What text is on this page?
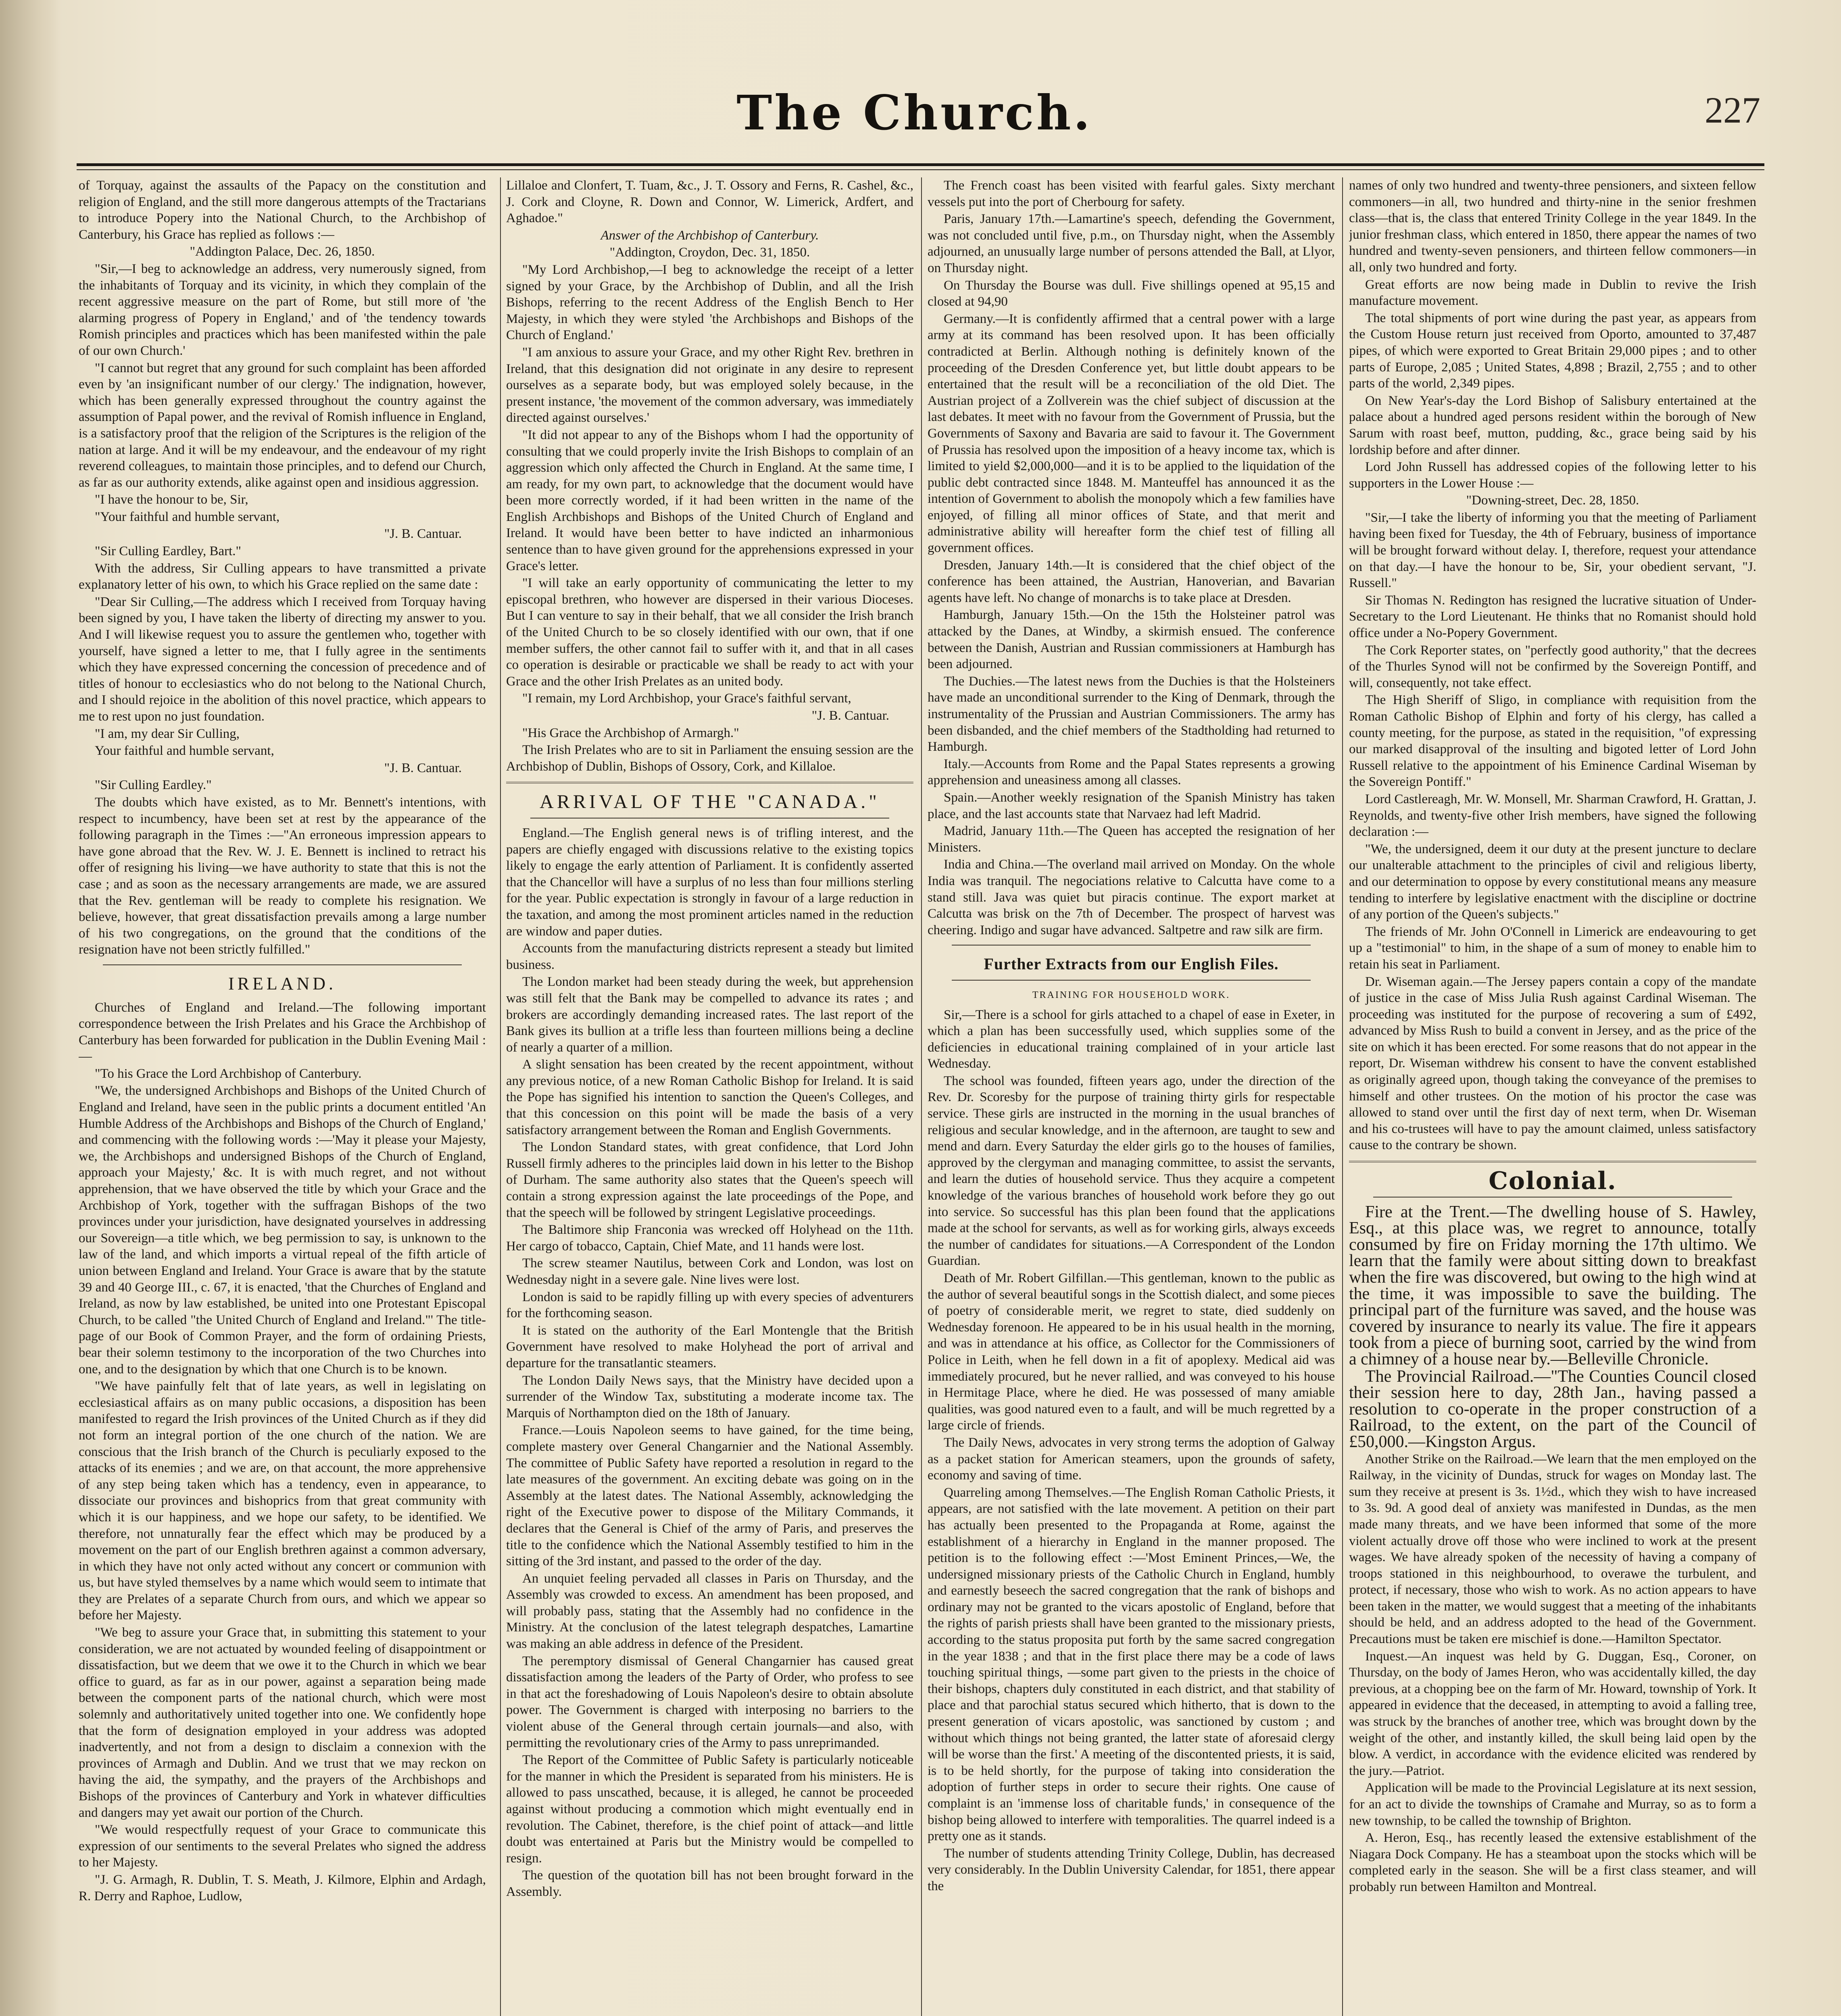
The Church.	227

of Torquay, against the assaults of the Papacy on the constitution and religion of England, and the still more dangerous attempts of the Tractarians to introduce Popery into the National Church, to the Archbishop of Canterbury, his Grace has replied as follows :—

"Addington Palace, Dec. 26, 1850.

"Sir,—I beg to acknowledge an address, very numerously signed, from the inhabitants of Torquay and its vicinity, in which they complain of the recent aggressive measure on the part of Rome, but still more of 'the alarming progress of Popery in England,' and of 'the tendency towards Romish principles and practices which has been manifested within the pale of our own Church.'

"I cannot but regret that any ground for such complaint has been afforded even by 'an insignificant number of our clergy.' The indignation, however, which has been generally expressed throughout the country against the assumption of Papal power, and the revival of Romish influence in England, is a satisfactory proof that the religion of the Scriptures is the religion of the nation at large. And it will be my endeavour, and the endeavour of my right reverend colleagues, to maintain those principles, and to defend our Church, as far as our authority extends, alike against open and insidious aggression.

"I have the honour to be, Sir,

"Your faithful and humble servant,

"J. B. Cantuar.

"Sir Culling Eardley, Bart."

With the address, Sir Culling appears to have transmitted a private explanatory letter of his own, to which his Grace replied on the same date :

"Dear Sir Culling,—The address which I received from Torquay having been signed by you, I have taken the liberty of directing my answer to you. And I will likewise request you to assure the gentlemen who, together with yourself, have signed a letter to me, that I fully agree in the sentiments which they have expressed concerning the concession of precedence and of titles of honour to ecclesiastics who do not belong to the National Church, and I should rejoice in the abolition of this novel practice, which appears to me to rest upon no just foundation.

"I am, my dear Sir Culling,

Your faithful and humble servant,

"J. B. Cantuar.

"Sir Culling Eardley."

The doubts which have existed, as to Mr. Bennett's intentions, with respect to incumbency, have been set at rest by the appearance of the following paragraph in the Times :—"An erroneous impression appears to have gone abroad that the Rev. W. J. E. Bennett is inclined to retract his offer of resigning his living—we have authority to state that this is not the case ; and as soon as the necessary arrangements are made, we are assured that the Rev. gentleman will be ready to complete his resignation. We believe, however, that great dissatisfaction prevails among a large number of his two congregations, on the ground that the conditions of the resignation have not been strictly fulfilled."

IRELAND.

Churches of England and Ireland.—The following important correspondence between the Irish Prelates and his Grace the Archbishop of Canterbury has been forwarded for publication in the Dublin Evening Mail :—

"To his Grace the Lord Archbishop of Canterbury.

"We, the undersigned Archbishops and Bishops of the United Church of England and Ireland, have seen in the public prints a document entitled 'An Humble Address of the Archbishops and Bishops of the Church of England,' and commencing with the following words :—'May it please your Majesty, we, the Archbishops and undersigned Bishops of the Church of England, approach your Majesty,' &c. It is with much regret, and not without apprehension, that we have observed the title by which your Grace and the Archbishop of York, together with the suffragan Bishops of the two provinces under your jurisdiction, have designated yourselves in addressing our Sovereign—a title which, we beg permission to say, is unknown to the law of the land, and which imports a virtual repeal of the fifth article of union between England and Ireland. Your Grace is aware that by the statute 39 and 40 George III., c. 67, it is enacted, 'that the Churches of England and Ireland, as now by law established, be united into one Protestant Episcopal Church, to be called "the United Church of England and Ireland."' The title-page of our Book of Common Prayer, and the form of ordaining Priests, bear their solemn testimony to the incorporation of the two Churches into one, and to the designation by which that one Church is to be known.

"We have painfully felt that of late years, as well in legislating on ecclesiastical affairs as on many public occasions, a disposition has been manifested to regard the Irish provinces of the United Church as if they did not form an integral portion of the one church of the nation. We are conscious that the Irish branch of the Church is peculiarly exposed to the attacks of its enemies ; and we are, on that account, the more apprehensive of any step being taken which has a tendency, even in appearance, to dissociate our provinces and bishoprics from that great community with which it is our happiness, and we hope our safety, to be identified. We therefore, not unnaturally fear the effect which may be produced by a movement on the part of our English brethren against a common adversary, in which they have not only acted without any concert or communion with us, but have styled themselves by a name which would seem to intimate that they are Prelates of a separate Church from ours, and which we appear so before her Majesty.

"We beg to assure your Grace that, in submitting this statement to your consideration, we are not actuated by wounded feeling of disappointment or dissatisfaction, but we deem that we owe it to the Church in which we bear office to guard, as far as in our power, against a separation being made between the component parts of the national church, which were most solemnly and authoritatively united together into one. We confidently hope that the form of designation employed in your address was adopted inadvertently, and not from a design to disclaim a connexion with the provinces of Armagh and Dublin. And we trust that we may reckon on having the aid, the sympathy, and the prayers of the Archbishops and Bishops of the provinces of Canterbury and York in whatever difficulties and dangers may yet await our portion of the Church.

"We would respectfully request of your Grace to communicate this expression of our sentiments to the several Prelates who signed the address to her Majesty.

"J. G. Armagh, R. Dublin, T. S. Meath, J. Kilmore, Elphin and Ardagh, R. Derry and Raphoe, Ludlow,

Lillaloe and Clonfert, T. Tuam, &c., J. T. Ossory and Ferns, R. Cashel, &c., J. Cork and Cloyne, R. Down and Connor, W. Limerick, Ardfert, and Aghadoe."

Answer of the Archbishop of Canterbury.

"Addington, Croydon, Dec. 31, 1850.

"My Lord Archbishop,—I beg to acknowledge the receipt of a letter signed by your Grace, by the Archbishop of Dublin, and all the Irish Bishops, referring to the recent Address of the English Bench to Her Majesty, in which they were styled 'the Archbishops and Bishops of the Church of England.'

"I am anxious to assure your Grace, and my other Right Rev. brethren in Ireland, that this designation did not originate in any desire to represent ourselves as a separate body, but was employed solely because, in the present instance, 'the movement of the common adversary, was immediately directed against ourselves.'

"It did not appear to any of the Bishops whom I had the opportunity of consulting that we could properly invite the Irish Bishops to complain of an aggression which only affected the Church in England. At the same time, I am ready, for my own part, to acknowledge that the document would have been more correctly worded, if it had been written in the name of the English Archbishops and Bishops of the United Church of England and Ireland. It would have been better to have indicted an inharmonious sentence than to have given ground for the apprehensions expressed in your Grace's letter.

"I will take an early opportunity of communicating the letter to my episcopal brethren, who however are dispersed in their various Dioceses. But I can venture to say in their behalf, that we all consider the Irish branch of the United Church to be so closely identified with our own, that if one member suffers, the other cannot fail to suffer with it, and that in all cases co operation is desirable or practicable we shall be ready to act with your Grace and the other Irish Prelates as an united body.

"I remain, my Lord Archbishop, your Grace's faithful servant,

"J. B. Cantuar.

"His Grace the Archbishop of Armargh."

The Irish Prelates who are to sit in Parliament the ensuing session are the Archbishop of Dublin, Bishops of Ossory, Cork, and Killaloe.

ARRIVAL OF THE "CANADA."

England.—The English general news is of trifling interest, and the papers are chiefly engaged with discussions relative to the existing topics likely to engage the early attention of Parliament. It is confidently asserted that the Chancellor will have a surplus of no less than four millions sterling for the year. Public expectation is strongly in favour of a large reduction in the taxation, and among the most prominent articles named in the reduction are window and paper duties.

Accounts from the manufacturing districts represent a steady but limited business.

The London market had been steady during the week, but apprehension was still felt that the Bank may be compelled to advance its rates ; and brokers are accordingly demanding increased rates. The last report of the Bank gives its bullion at a trifle less than fourteen millions being a decline of nearly a quarter of a million.

A slight sensation has been created by the recent appointment, without any previous notice, of a new Roman Catholic Bishop for Ireland. It is said the Pope has signified his intention to sanction the Queen's Colleges, and that this concession on this point will be made the basis of a very satisfactory arrangement between the Roman and English Governments.

The London Standard states, with great confidence, that Lord John Russell firmly adheres to the principles laid down in his letter to the Bishop of Durham. The same authority also states that the Queen's speech will contain a strong expression against the late proceedings of the Pope, and that the speech will be followed by stringent Legislative proceedings.

The Baltimore ship Franconia was wrecked off Holyhead on the 11th. Her cargo of tobacco, Captain, Chief Mate, and 11 hands were lost.

The screw steamer Nautilus, between Cork and London, was lost on Wednesday night in a severe gale. Nine lives were lost.

London is said to be rapidly filling up with every species of adventurers for the forthcoming season.

It is stated on the authority of the Earl Montengle that the British Government have resolved to make Holyhead the port of arrival and departure for the transatlantic steamers.

The London Daily News says, that the Ministry have decided upon a surrender of the Window Tax, substituting a moderate income tax. The Marquis of Northampton died on the 18th of January.

France.—Louis Napoleon seems to have gained, for the time being, complete mastery over General Changarnier and the National Assembly. The committee of Public Safety have reported a resolution in regard to the late measures of the government. An exciting debate was going on in the Assembly at the latest dates. The National Assembly, acknowledging the right of the Executive power to dispose of the Military Commands, it declares that the General is Chief of the army of Paris, and preserves the title to the confidence which the National Assembly testified to him in the sitting of the 3rd instant, and passed to the order of the day.

An unquiet feeling pervaded all classes in Paris on Thursday, and the Assembly was crowded to excess. An amendment has been proposed, and will probably pass, stating that the Assembly had no confidence in the Ministry. At the conclusion of the latest telegraph despatches, Lamartine was making an able address in defence of the President.

The peremptory dismissal of General Changarnier has caused great dissatisfaction among the leaders of the Party of Order, who profess to see in that act the foreshadowing of Louis Napoleon's desire to obtain absolute power. The Government is charged with interposing no barriers to the violent abuse of the General through certain journals—and also, with permitting the revolutionary cries of the Army to pass unreprimanded.

The Report of the Committee of Public Safety is particularly noticeable for the manner in which the President is separated from his ministers. He is allowed to pass unscathed, because, it is alleged, he cannot be proceeded against without producing a commotion which might eventually end in revolution. The Cabinet, therefore, is the chief point of attack—and little doubt was entertained at Paris but the Ministry would be compelled to resign.

The question of the quotation bill has not been brought forward in the Assembly.

The French coast has been visited with fearful gales. Sixty merchant vessels put into the port of Cherbourg for safety.

Paris, January 17th.—Lamartine's speech, defending the Government, was not concluded until five, p.m., on Thursday night, when the Assembly adjourned, an unusually large number of persons attended the Ball, at Llyor, on Thursday night.

On Thursday the Bourse was dull. Five shillings opened at 95,15 and closed at 94,90

Germany.—It is confidently affirmed that a central power with a large army at its command has been resolved upon. It has been officially contradicted at Berlin. Although nothing is definitely known of the proceeding of the Dresden Conference yet, but little doubt appears to be entertained that the result will be a reconciliation of the old Diet. The Austrian project of a Zollverein was the chief subject of discussion at the last debates. It meet with no favour from the Government of Prussia, but the Governments of Saxony and Bavaria are said to favour it. The Government of Prussia has resolved upon the imposition of a heavy income tax, which is limited to yield $2,000,000—and it is to be applied to the liquidation of the public debt contracted since 1848. M. Manteuffel has announced it as the intention of Government to abolish the monopoly which a few families have enjoyed, of filling all minor offices of State, and that merit and administrative ability will hereafter form the chief test of filling all government offices.

Dresden, January 14th.—It is considered that the chief object of the conference has been attained, the Austrian, Hanoverian, and Bavarian agents have left. No change of monarchs is to take place at Dresden.

Hamburgh, January 15th.—On the 15th the Holsteiner patrol was attacked by the Danes, at Windby, a skirmish ensued. The conference between the Danish, Austrian and Russian commissioners at Hamburgh has been adjourned.

The Duchies.—The latest news from the Duchies is that the Holsteiners have made an unconditional surrender to the King of Denmark, through the instrumentality of the Prussian and Austrian Commissioners. The army has been disbanded, and the chief members of the Stadtholding had returned to Hamburgh.

Italy.—Accounts from Rome and the Papal States represents a growing apprehension and uneasiness among all classes.

Spain.—Another weekly resignation of the Spanish Ministry has taken place, and the last accounts state that Narvaez had left Madrid.

Madrid, January 11th.—The Queen has accepted the resignation of her Ministers.

India and China.—The overland mail arrived on Monday. On the whole India was tranquil. The negociations relative to Calcutta have come to a stand still. Java was quiet but piracis continue. The export market at Calcutta was brisk on the 7th of December. The prospect of harvest was cheering. Indigo and sugar have advanced. Saltpetre and raw silk are firm.

Further Extracts from our English Files.
TRAINING FOR HOUSEHOLD WORK.

Sir,—There is a school for girls attached to a chapel of ease in Exeter, in which a plan has been successfully used, which supplies some of the deficiencies in educational training complained of in your article last Wednesday.

The school was founded, fifteen years ago, under the direction of the Rev. Dr. Scoresby for the purpose of training thirty girls for respectable service. These girls are instructed in the morning in the usual branches of religious and secular knowledge, and in the afternoon, are taught to sew and mend and darn. Every Saturday the elder girls go to the houses of families, approved by the clergyman and managing committee, to assist the servants, and learn the duties of household service. Thus they acquire a competent knowledge of the various branches of household work before they go out into service. So successful has this plan been found that the applications made at the school for servants, as well as for working girls, always exceeds the number of candidates for situations.—A Correspondent of the London Guardian.

Death of Mr. Robert Gilfillan.—This gentleman, known to the public as the author of several beautiful songs in the Scottish dialect, and some pieces of poetry of considerable merit, we regret to state, died suddenly on Wednesday forenoon. He appeared to be in his usual health in the morning, and was in attendance at his office, as Collector for the Commissioners of Police in Leith, when he fell down in a fit of apoplexy. Medical aid was immediately procured, but he never rallied, and was conveyed to his house in Hermitage Place, where he died. He was possessed of many amiable qualities, was good natured even to a fault, and will be much regretted by a large circle of friends.

The Daily News, advocates in very strong terms the adoption of Galway as a packet station for American steamers, upon the grounds of safety, economy and saving of time.

Quarreling among Themselves.—The English Roman Catholic Priests, it appears, are not satisfied with the late movement. A petition on their part has actually been presented to the Propaganda at Rome, against the establishment of a hierarchy in England in the manner proposed. The petition is to the following effect :—'Most Eminent Princes,—We, the undersigned missionary priests of the Catholic Church in England, humbly and earnestly beseech the sacred congregation that the rank of bishops and ordinary may not be granted to the vicars apostolic of England, before that the rights of parish priests shall have been granted to the missionary priests, according to the status proposita put forth by the same sacred congregation in the year 1838 ; and that in the first place there may be a code of laws touching spiritual things, —some part given to the priests in the choice of their bishops, chapters duly constituted in each district, and that stability of place and that parochial status secured which hitherto, that is down to the present generation of vicars apostolic, was sanctioned by custom ; and without which things not being granted, the latter state of aforesaid clergy will be worse than the first.' A meeting of the discontented priests, it is said, is to be held shortly, for the purpose of taking into consideration the adoption of further steps in order to secure their rights. One cause of complaint is an 'immense loss of charitable funds,' in consequence of the bishop being allowed to interfere with temporalities. The quarrel indeed is a pretty one as it stands.

The number of students attending Trinity College, Dublin, has decreased very considerably. In the Dublin University Calendar, for 1851, there appear the

names of only two hundred and twenty-three pensioners, and sixteen fellow commoners—in all, two hundred and thirty-nine in the senior freshmen class—that is, the class that entered Trinity College in the year 1849. In the junior freshman class, which entered in 1850, there appear the names of two hundred and twenty-seven pensioners, and thirteen fellow commoners—in all, only two hundred and forty.

Great efforts are now being made in Dublin to revive the Irish manufacture movement.

The total shipments of port wine during the past year, as appears from the Custom House return just received from Oporto, amounted to 37,487 pipes, of which were exported to Great Britain 29,000 pipes ; and to other parts of Europe, 2,085 ; United States, 4,898 ; Brazil, 2,755 ; and to other parts of the world, 2,349 pipes.

On New Year's-day the Lord Bishop of Salisbury entertained at the palace about a hundred aged persons resident within the borough of New Sarum with roast beef, mutton, pudding, &c., grace being said by his lordship before and after dinner.

Lord John Russell has addressed copies of the following letter to his supporters in the Lower House :—

"Downing-street, Dec. 28, 1850.

"Sir,—I take the liberty of informing you that the meeting of Parliament having been fixed for Tuesday, the 4th of February, business of importance will be brought forward without delay. I, therefore, request your attendance on that day.—I have the honour to be, Sir, your obedient servant, "J. Russell."

Sir Thomas N. Redington has resigned the lucrative situation of Under-Secretary to the Lord Lieutenant. He thinks that no Romanist should hold office under a No-Popery Government.

The Cork Reporter states, on "perfectly good authority," that the decrees of the Thurles Synod will not be confirmed by the Sovereign Pontiff, and will, consequently, not take effect.

The High Sheriff of Sligo, in compliance with requisition from the Roman Catholic Bishop of Elphin and forty of his clergy, has called a county meeting, for the purpose, as stated in the requisition, "of expressing our marked disapproval of the insulting and bigoted letter of Lord John Russell relative to the appointment of his Eminence Cardinal Wiseman by the Sovereign Pontiff."

Lord Castlereagh, Mr. W. Monsell, Mr. Sharman Crawford, H. Grattan, J. Reynolds, and twenty-five other Irish members, have signed the following declaration :—

"We, the undersigned, deem it our duty at the present juncture to declare our unalterable attachment to the principles of civil and religious liberty, and our determination to oppose by every constitutional means any measure tending to interfere by legislative enactment with the discipline or doctrine of any portion of the Queen's subjects."

The friends of Mr. John O'Connell in Limerick are endeavouring to get up a "testimonial" to him, in the shape of a sum of money to enable him to retain his seat in Parliament.

Dr. Wiseman again.—The Jersey papers contain a copy of the mandate of justice in the case of Miss Julia Rush against Cardinal Wiseman. The proceeding was instituted for the purpose of recovering a sum of £492, advanced by Miss Rush to build a convent in Jersey, and as the price of the site on which it has been erected. For some reasons that do not appear in the report, Dr. Wiseman withdrew his consent to have the convent established as originally agreed upon, though taking the conveyance of the premises to himself and other trustees. On the motion of his proctor the case was allowed to stand over until the first day of next term, when Dr. Wiseman and his co-trustees will have to pay the amount claimed, unless satisfactory cause to the contrary be shown.

Colonial.

Fire at the Trent.—The dwelling house of S. Hawley, Esq., at this place was, we regret to announce, totally consumed by fire on Friday morning the 17th ultimo. We learn that the family were about sitting down to breakfast when the fire was discovered, but owing to the high wind at the time, it was impossible to save the building. The principal part of the furniture was saved, and the house was covered by insurance to nearly its value. The fire it appears took from a piece of burning soot, carried by the wind from a chimney of a house near by.—Belleville Chronicle.

The Provincial Railroad.—"The Counties Council closed their session here to day, 28th Jan., having passed a resolution to co-operate in the proper construction of a Railroad, to the extent, on the part of the Council of £50,000.—Kingston Argus.

Another Strike on the Railroad.—We learn that the men employed on the Railway, in the vicinity of Dundas, struck for wages on Monday last. The sum they receive at present is 3s. 1½d., which they wish to have increased to 3s. 9d. A good deal of anxiety was manifested in Dundas, as the men made many threats, and we have been informed that some of the more violent actually drove off those who were inclined to work at the present wages. We have already spoken of the necessity of having a company of troops stationed in this neighbourhood, to overawe the turbulent, and protect, if necessary, those who wish to work. As no action appears to have been taken in the matter, we would suggest that a meeting of the inhabitants should be held, and an address adopted to the head of the Government. Precautions must be taken ere mischief is done.—Hamilton Spectator.

Inquest.—An inquest was held by G. Duggan, Esq., Coroner, on Thursday, on the body of James Heron, who was accidentally killed, the day previous, at a chopping bee on the farm of Mr. Howard, township of York. It appeared in evidence that the deceased, in attempting to avoid a falling tree, was struck by the branches of another tree, which was brought down by the weight of the other, and instantly killed, the skull being laid open by the blow. A verdict, in accordance with the evidence elicited was rendered by the jury.—Patriot.

Application will be made to the Provincial Legislature at its next session, for an act to divide the townships of Cramahe and Murray, so as to form a new township, to be called the township of Brighton.

A. Heron, Esq., has recently leased the extensive establishment of the Niagara Dock Company. He has a steamboat upon the stocks which will be completed early in the season. She will be a first class steamer, and will probably run between Hamilton and Montreal.
